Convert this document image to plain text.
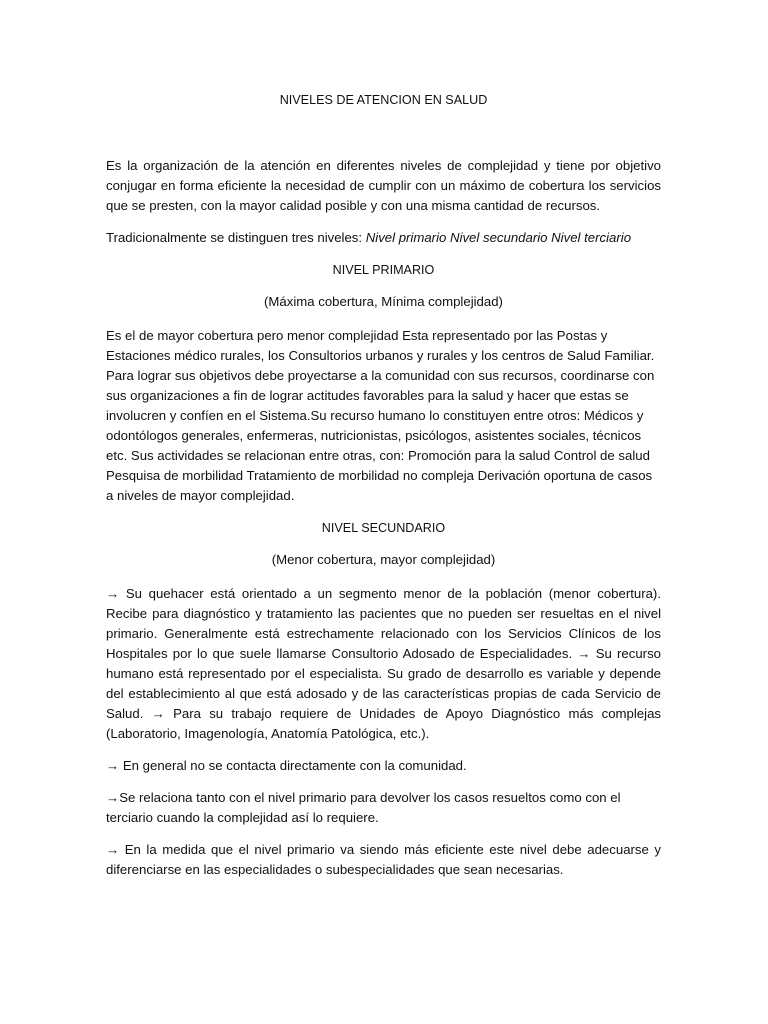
NIVELES DE ATENCION EN SALUD
Es la organización de la atención en diferentes niveles de complejidad y tiene por objetivo conjugar en forma eficiente la necesidad de cumplir con un máximo de cobertura los servicios que se presten, con la mayor calidad posible y con una misma cantidad de recursos.
Tradicionalmente se distinguen tres niveles: Nivel primario Nivel secundario Nivel terciario
NIVEL PRIMARIO
(Máxima cobertura, Mínima complejidad)
Es el de mayor cobertura pero menor complejidad Esta representado por las Postas y Estaciones médico rurales, los Consultorios urbanos y rurales y los centros de Salud Familiar. Para lograr sus objetivos debe proyectarse a la comunidad con sus recursos, coordinarse con sus organizaciones a fin de lograr actitudes favorables para la salud y hacer que estas se involucren y confíen en el Sistema.Su recurso humano lo constituyen entre otros: Médicos y odontólogos generales, enfermeras, nutricionistas, psicólogos, asistentes sociales, técnicos etc. Sus actividades se relacionan entre otras, con: Promoción para la salud Control de salud Pesquisa de morbilidad Tratamiento de morbilidad no compleja Derivación oportuna de casos a niveles de mayor complejidad.
NIVEL SECUNDARIO
(Menor cobertura, mayor complejidad)
→ Su quehacer está orientado a un segmento menor de la población (menor cobertura). Recibe para diagnóstico y tratamiento las pacientes que no pueden ser resueltas en el nivel primario. Generalmente está estrechamente relacionado con los Servicios Clínicos de los Hospitales por lo que suele llamarse Consultorio Adosado de Especialidades. → Su recurso humano está representado por el especialista. Su grado de desarrollo es variable y depende del establecimiento al que está adosado y de las características propias de cada Servicio de Salud. → Para su trabajo requiere de Unidades de Apoyo Diagnóstico más complejas (Laboratorio, Imagenología, Anatomía Patológica, etc.).
→ En general no se contacta directamente con la comunidad.
→Se relaciona tanto con el nivel primario para devolver los casos resueltos como con el terciario cuando la complejidad así lo requiere.
→ En la medida que el nivel primario va siendo más eficiente este nivel debe adecuarse y diferenciarse en las especialidades o subespecialidades que sean necesarias.
